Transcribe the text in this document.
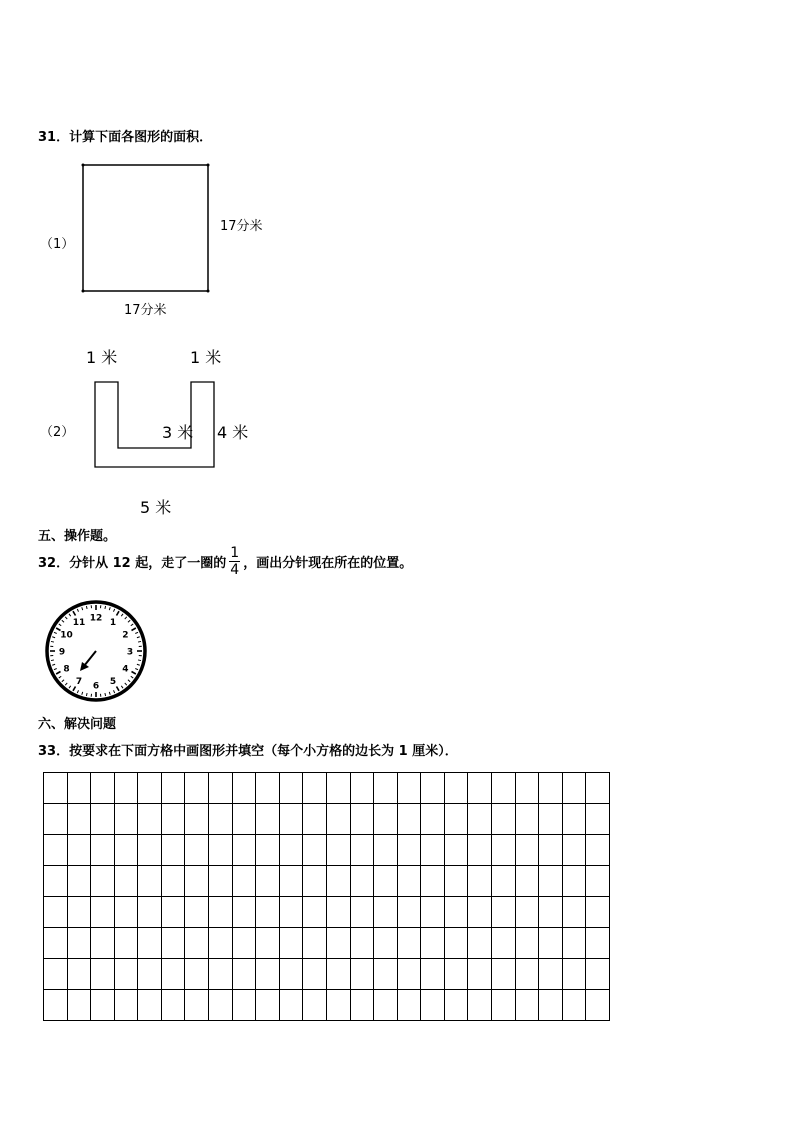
31．计算下面各图形的面积．
（1）
17分米
17分米
1 米	1 米
（2）	3 米 4 米
5 米
五、操作题。
32．分针从 12 起，走了一圈的 $\frac{1}{4}$ ，画出分针现在所在的位置。
12 1
2
3
4
5
6
7
8
9
10
11
六、解决问题
33．按要求在下面方格中画图形并填空（每个小方格的边长为 1 厘米）．
